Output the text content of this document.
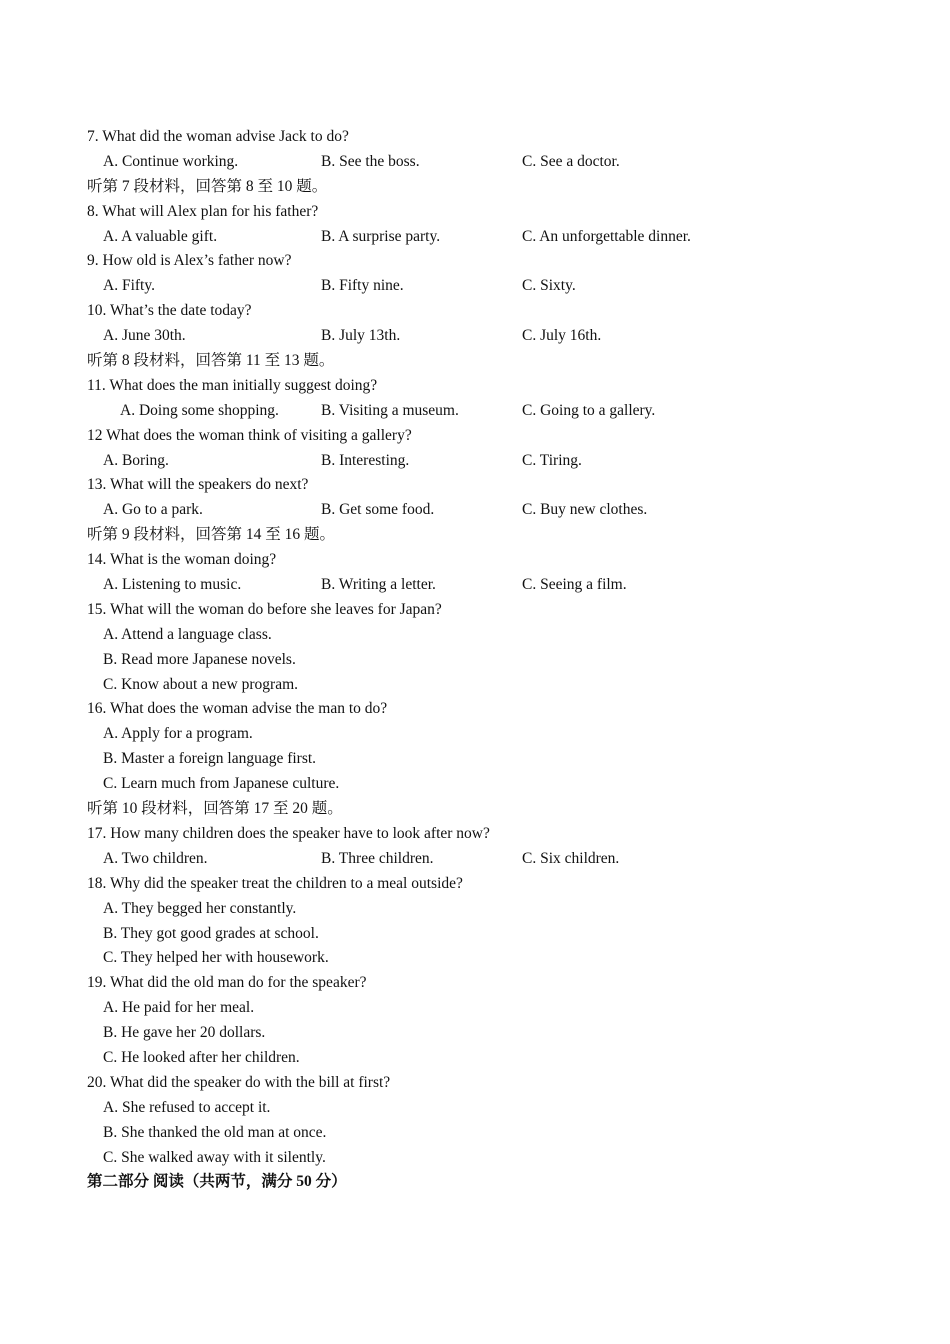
7. What did the woman advise Jack to do?
A. Continue working.	B. See the boss.	C. See a doctor.
听第 7 段材料，回答第 8 至 10 题。
8. What will Alex plan for his father?
A. A valuable gift.	B. A surprise party.	C. An unforgettable dinner.
9. How old is Alex’s father now?
A. Fifty.	B. Fifty nine.	C. Sixty.
10. What’s the date today?
A. June 30th.	B. July 13th.	C. July 16th.
听第 8 段材料，回答第 11 至 13 题。
11. What does the man initially suggest doing?
A. Doing some shopping.	B. Visiting a museum.	C. Going to a gallery.
12 What does the woman think of visiting a gallery?
A. Boring.	B. Interesting.	C. Tiring.
13. What will the speakers do next?
A. Go to a park.	B. Get some food.	C. Buy new clothes.
听第 9 段材料，回答第 14 至 16 题。
14. What is the woman doing?
A. Listening to music.	B. Writing a letter.	C. Seeing a film.
15. What will the woman do before she leaves for Japan?
A. Attend a language class.
B. Read more Japanese novels.
C. Know about a new program.
16. What does the woman advise the man to do?
A. Apply for a program.
B. Master a foreign language first.
C. Learn much from Japanese culture.
听第 10 段材料，回答第 17 至 20 题。
17. How many children does the speaker have to look after now?
A. Two children.	B. Three children.	C. Six children.
18. Why did the speaker treat the children to a meal outside?
A. They begged her constantly.
B. They got good grades at school.
C. They helped her with housework.
19. What did the old man do for the speaker?
A. He paid for her meal.
B. He gave her 20 dollars.
C. He looked after her children.
20. What did the speaker do with the bill at first?
A. She refused to accept it.
B. She thanked the old man at once.
C. She walked away with it silently.
第二部分 阅读（共两节，满分 50 分）
